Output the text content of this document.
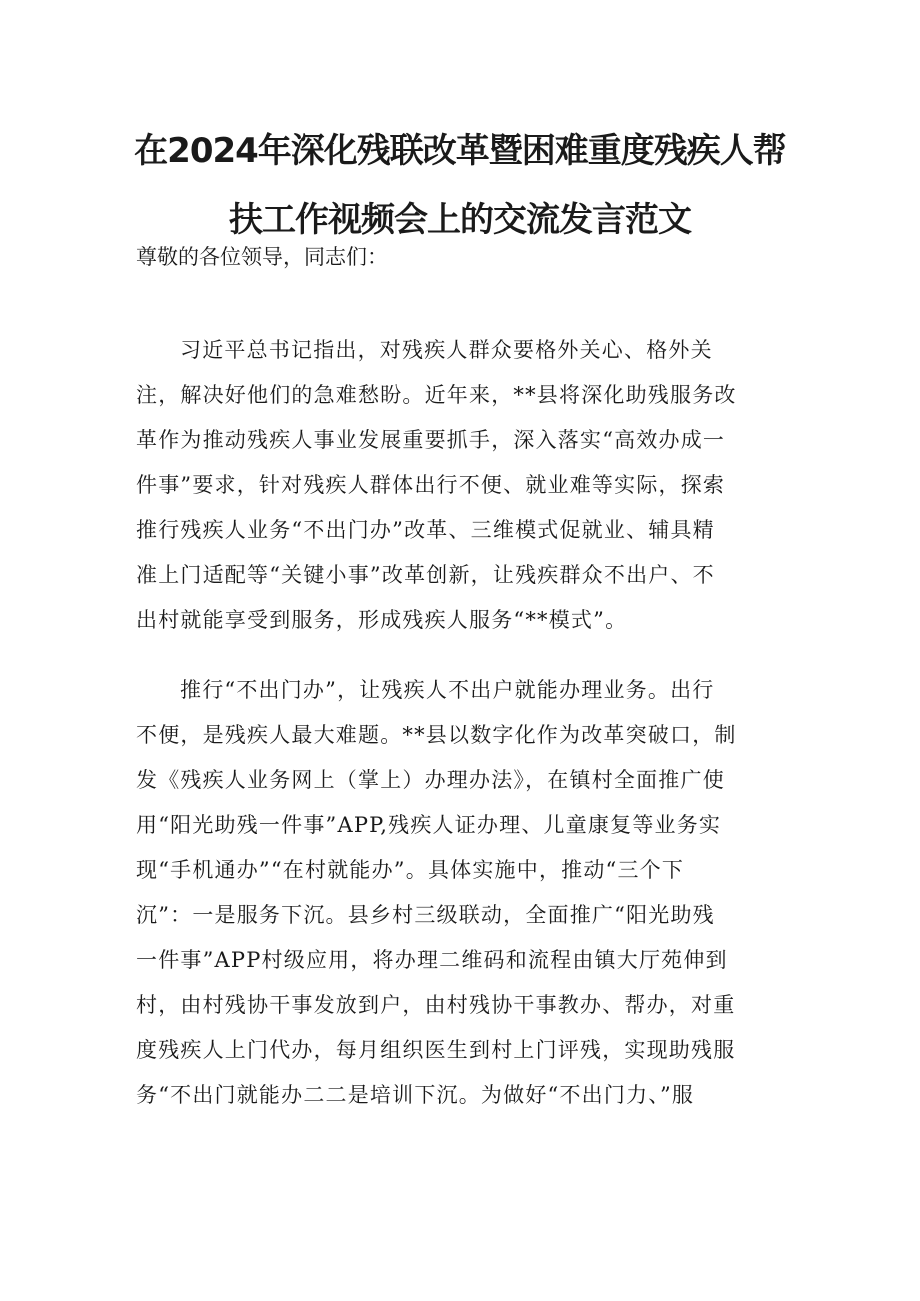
在2024年深化残联改革暨困难重度残疾人帮
扶工作视频会上的交流发言范文
尊敬的各位领导，同志们：
习近平总书记指出，对残疾人群众要格外关心、格外关
注，解决好他们的急难愁盼。近年来，**县将深化助残服务改
革作为推动残疾人事业发展重要抓手，深入落实“高效办成一
件事”要求，针对残疾人群体出行不便、就业难等实际，探索
推行残疾人业务“不出门办”改革、三维模式促就业、辅具精
准上门适配等“关键小事”改革创新，让残疾群众不出户、不
出村就能享受到服务，形成残疾人服务“**模式”。
推行“不出门办”，让残疾人不出户就能办理业务。出行
不便，是残疾人最大难题。**县以数字化作为改革突破口，制
发《残疾人业务网上（掌上）办理办法》，在镇村全面推广使
用“阳光助残一件事”APP,残疾人证办理、儿童康复等业务实
现“手机通办”“在村就能办”。具体实施中，推动“三个下
沉”：一是服务下沉。县乡村三级联动，全面推广“阳光助残
一件事”APP村级应用，将办理二维码和流程由镇大厅苑伸到
村，由村残协干事发放到户，由村残协干事教办、帮办，对重
度残疾人上门代办，每月组织医生到村上门评残，实现助残服
务“不出门就能办二二是培训下沉。为做好“不出门力、”服
